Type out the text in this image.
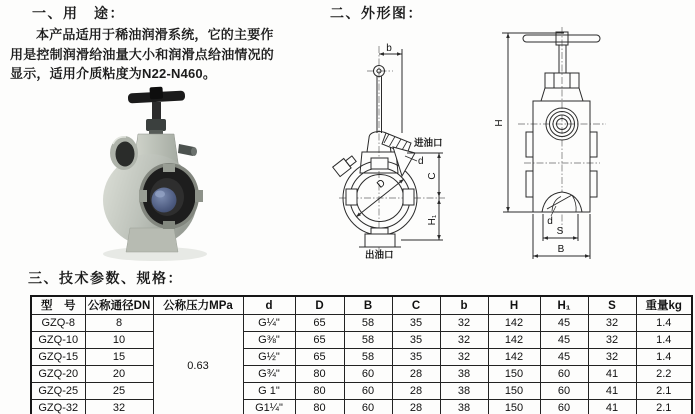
一、用　途：
本产品适用于稀油润滑系统，它的主要作
用是控制润滑给油量大小和润滑点给油情况的
显示，适用介质粘度为N22-N460。
二、外形图：
b
进油口
d
C
D
H₁
出油口
H
d
S
B
三、技术参数、规格：
型　号	公称通径DN	公称压力MPa	d	D	B	C	b	H	H₁	S	重量kg
GZQ-8	8	0.63	G¼"	65	58	35	32	142	45	32	1.4
GZQ-10	10		G⅜"	65	58	35	32	142	45	32	1.4
GZQ-15	15		G½"	65	58	35	32	142	45	32	1.4
GZQ-20	20		G¾"	80	60	28	38	150	60	41	2.2
GZQ-25	25		G 1"	80	60	28	38	150	60	41	2.1
GZQ-32	32		G1¼"	80	60	28	38	150	60	41	2.1
